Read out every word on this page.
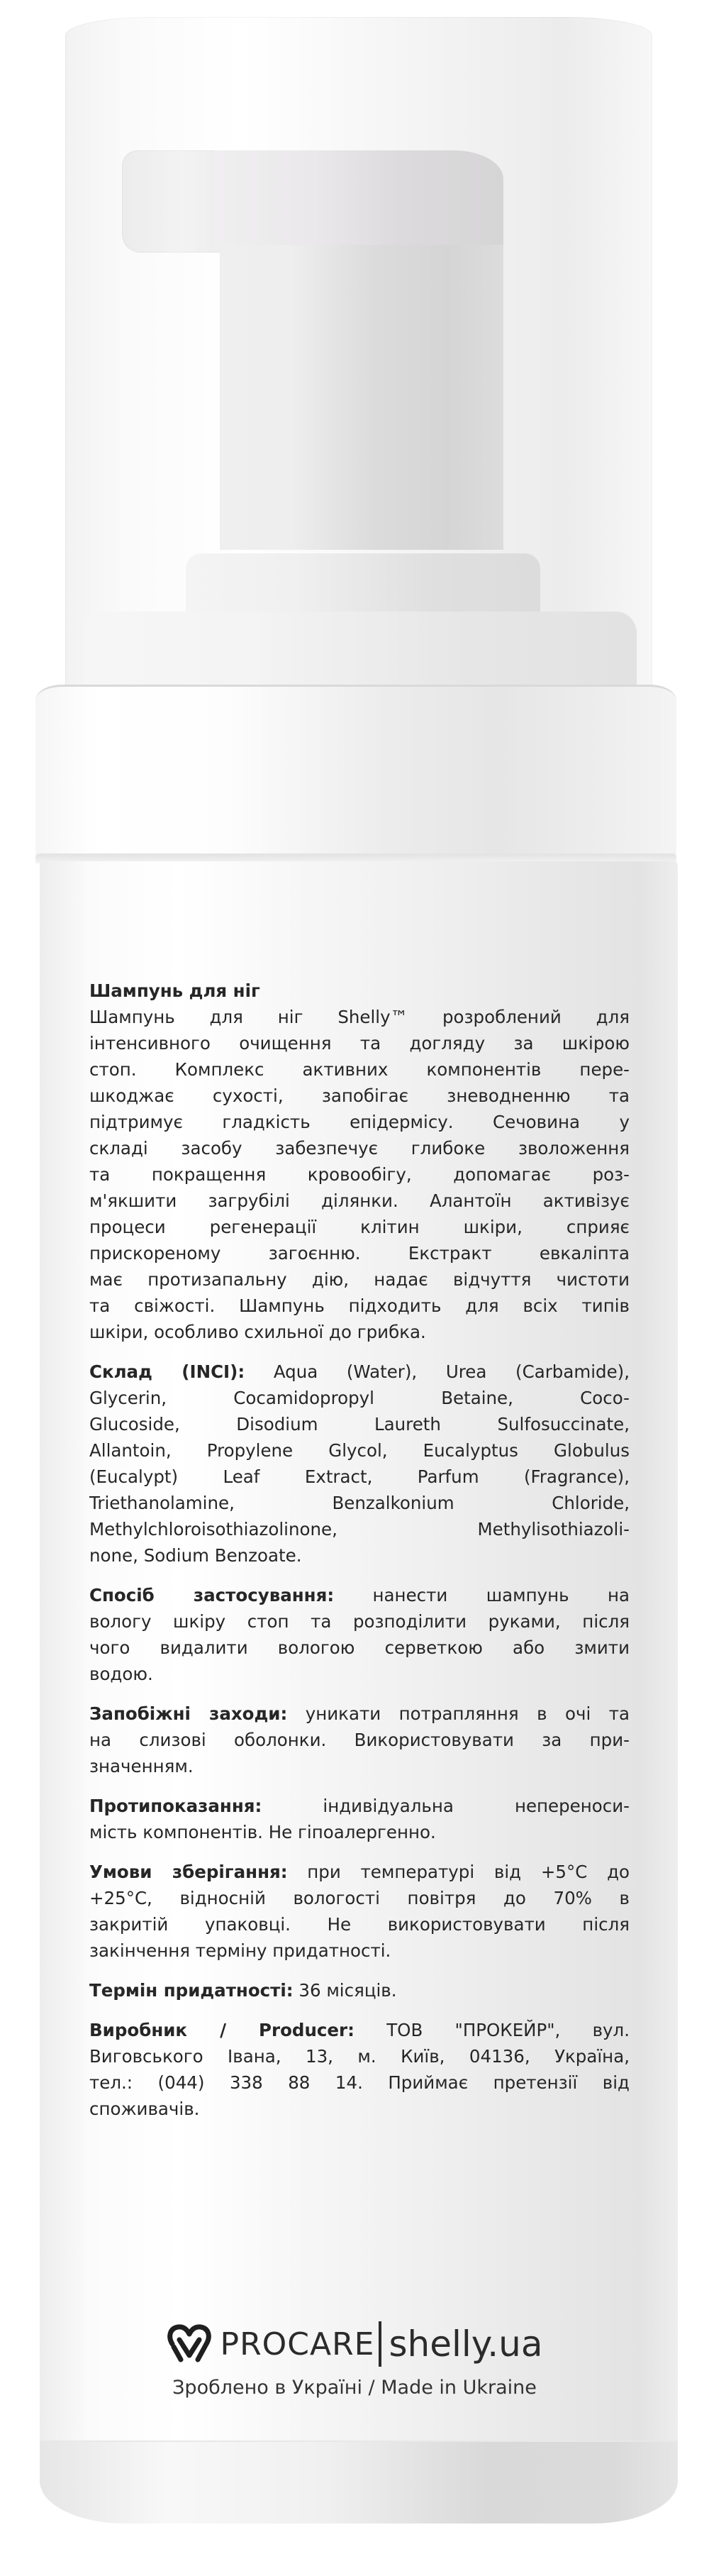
Шампунь для ніг

Шампунь для ніг Shelly™ розроблений для
інтенсивного очищення та догляду за шкірою
стоп. Комплекс активних компонентів пере-
шкоджає сухості, запобігає зневодненню та
підтримує гладкість епідермісу. Сечовина у
складі засобу забезпечує глибоке зволоження
та покращення кровообігу, допомагає роз-
м'якшити загрубілі ділянки. Алантоїн активізує
процеси регенерації клітин шкіри, сприяє
прискореному загоєнню. Екстракт евкаліпта
має протизапальну дію, надає відчуття чистоти
та свіжості. Шампунь підходить для всіх типів
шкіри, особливо схильної до грибка.

Склад (INCI): Aqua (Water), Urea (Carbamide),
Glycerin, Cocamidopropyl Betaine, Coco-
Glucoside, Disodium Laureth Sulfosuccinate,
Allantoin, Propylene Glycol, Eucalyptus Globulus
(Eucalypt) Leaf Extract, Parfum (Fragrance),
Triethanolamine, Benzalkonium Chloride,
Methylchloroisothiazolinone, Methylisothiazoli-
none, Sodium Benzoate.

Спосіб застосування: нанести шампунь на
вологу шкіру стоп та розподілити руками, після
чого видалити вологою серветкою або змити
водою.

Запобіжні заходи: уникати потрапляння в очі та
на слизові оболонки. Використовувати за при-
значенням.

Протипоказання: індивідуальна непереноси-
мість компонентів. Не гіпоалергенно.

Умови зберігання: при температурі від +5°C до
+25°C, відносній вологості повітря до 70% в
закритій упаковці. Не використовувати після
закінчення терміну придатності.

Термін придатності: 36 місяців.

Виробник / Producer: ТОВ "ПРОКЕЙР", вул.
Виговського Івана, 13, м. Київ, 04136, Україна,
тел.: (044) 338 88 14. Приймає претензії від
споживачів.

PROCARE shelly.ua
Зроблено в Україні / Made in Ukraine
